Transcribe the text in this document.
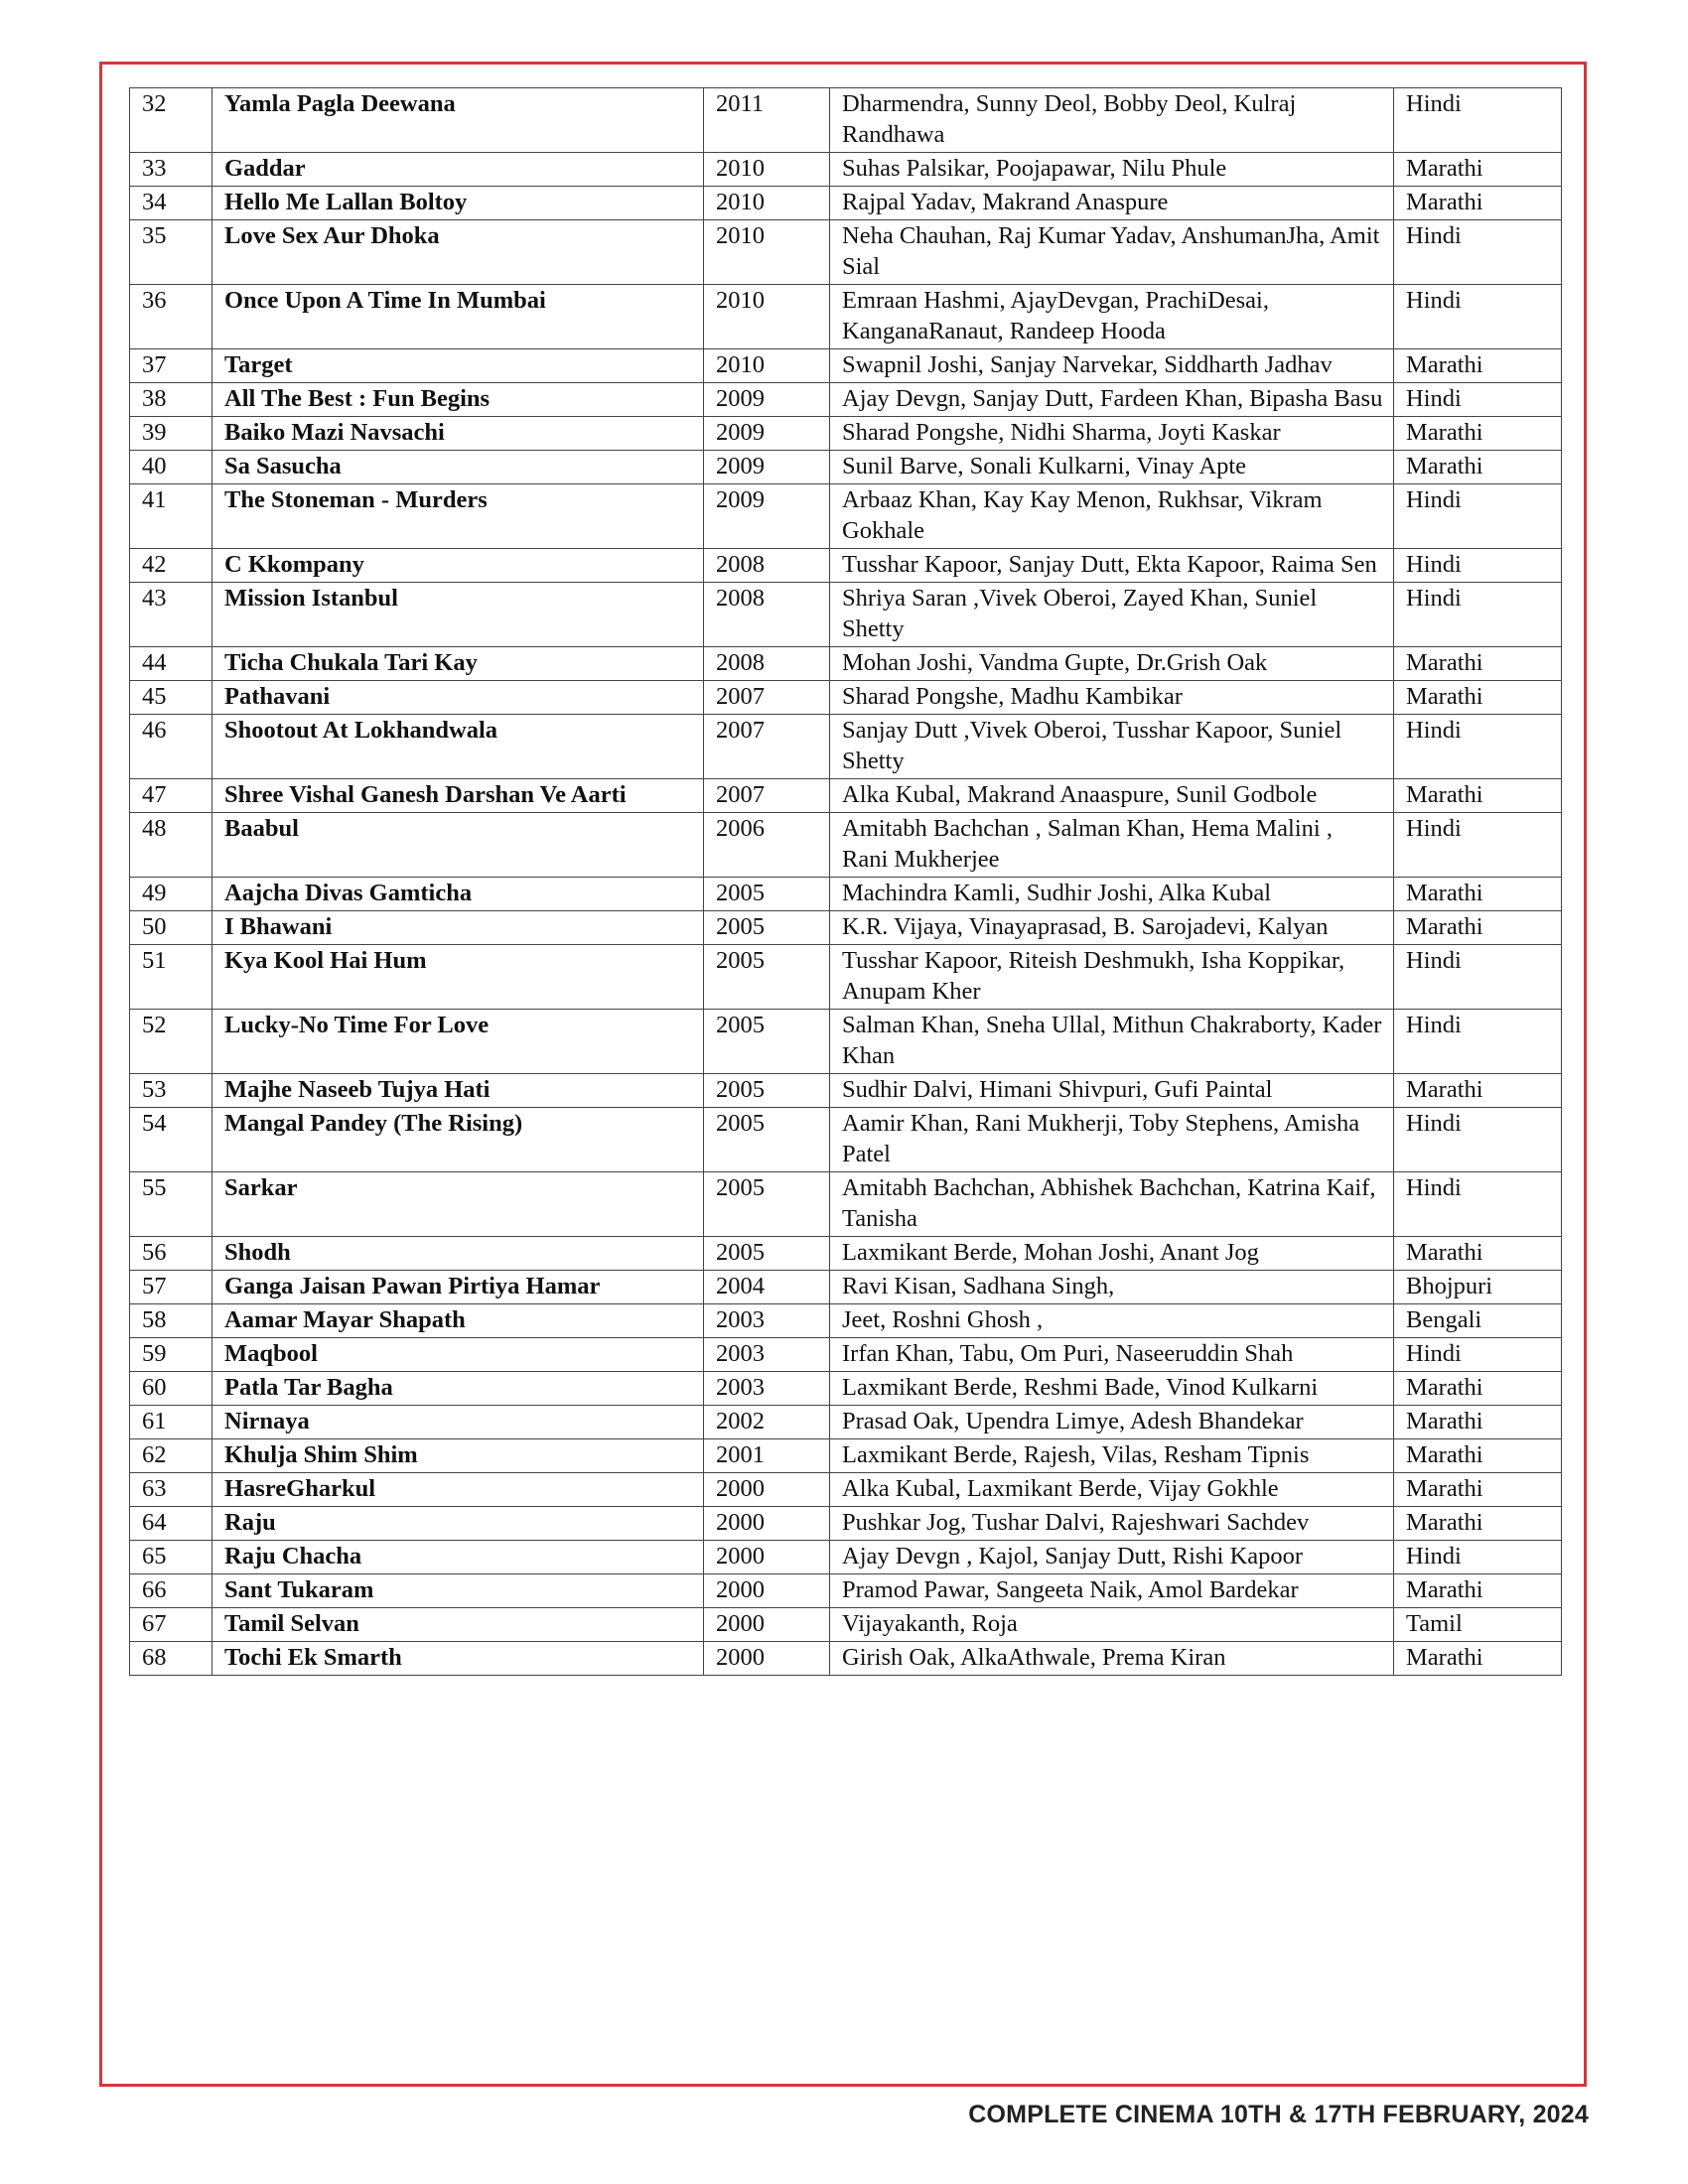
32	Yamla Pagla Deewana	2011	Dharmendra, Sunny Deol, Bobby Deol, Kulraj Randhawa	Hindi
33	Gaddar	2010	Suhas Palsikar, Poojapawar, Nilu Phule	Marathi
34	Hello Me Lallan Boltoy	2010	Rajpal Yadav, Makrand Anaspure	Marathi
35	Love Sex Aur Dhoka	2010	Neha Chauhan, Raj Kumar Yadav, AnshumanJha, Amit Sial	Hindi
36	Once Upon A Time In Mumbai	2010	Emraan Hashmi, AjayDevgan, PrachiDesai, KanganaRanaut, Randeep Hooda	Hindi
37	Target	2010	Swapnil Joshi, Sanjay Narvekar, Siddharth Jadhav	Marathi
38	All The Best : Fun Begins	2009	Ajay Devgn, Sanjay Dutt, Fardeen Khan, Bipasha Basu	Hindi
39	Baiko Mazi Navsachi	2009	Sharad Pongshe, Nidhi Sharma, Joyti Kaskar	Marathi
40	Sa Sasucha	2009	Sunil Barve, Sonali Kulkarni, Vinay Apte	Marathi
41	The Stoneman - Murders	2009	Arbaaz Khan, Kay Kay Menon, Rukhsar, Vikram Gokhale	Hindi
42	C Kkompany	2008	Tusshar Kapoor, Sanjay Dutt, Ekta Kapoor, Raima Sen	Hindi
43	Mission Istanbul	2008	Shriya Saran ,Vivek Oberoi, Zayed Khan, Suniel Shetty	Hindi
44	Ticha Chukala Tari Kay	2008	Mohan Joshi, Vandma Gupte, Dr.Grish Oak	Marathi
45	Pathavani	2007	Sharad Pongshe, Madhu Kambikar	Marathi
46	Shootout At Lokhandwala	2007	Sanjay Dutt ,Vivek Oberoi, Tusshar Kapoor, Suniel Shetty	Hindi
47	Shree Vishal Ganesh Darshan Ve Aarti	2007	Alka Kubal, Makrand Anaaspure, Sunil Godbole	Marathi
48	Baabul	2006	Amitabh Bachchan , Salman Khan, Hema Malini , Rani Mukherjee	Hindi
49	Aajcha Divas Gamticha	2005	Machindra Kamli, Sudhir Joshi, Alka Kubal	Marathi
50	I Bhawani	2005	K.R. Vijaya, Vinayaprasad, B. Sarojadevi, Kalyan	Marathi
51	Kya Kool Hai Hum	2005	Tusshar Kapoor, Riteish Deshmukh, Isha Koppikar, Anupam Kher	Hindi
52	Lucky-No Time For Love	2005	Salman Khan, Sneha Ullal, Mithun Chakraborty, Kader Khan	Hindi
53	Majhe Naseeb Tujya Hati	2005	Sudhir Dalvi, Himani Shivpuri, Gufi Paintal	Marathi
54	Mangal Pandey (The Rising)	2005	Aamir Khan, Rani Mukherji, Toby Stephens, Amisha Patel	Hindi
55	Sarkar	2005	Amitabh Bachchan, Abhishek Bachchan, Katrina Kaif, Tanisha	Hindi
56	Shodh	2005	Laxmikant Berde, Mohan Joshi, Anant Jog	Marathi
57	Ganga Jaisan Pawan Pirtiya Hamar	2004	Ravi Kisan, Sadhana Singh,	Bhojpuri
58	Aamar Mayar Shapath	2003	Jeet, Roshni Ghosh ,	Bengali
59	Maqbool	2003	Irfan Khan, Tabu, Om Puri, Naseeruddin Shah	Hindi
60	Patla Tar Bagha	2003	Laxmikant Berde, Reshmi Bade, Vinod Kulkarni	Marathi
61	Nirnaya	2002	Prasad Oak, Upendra Limye, Adesh Bhandekar	Marathi
62	Khulja Shim Shim	2001	Laxmikant Berde, Rajesh, Vilas, Resham Tipnis	Marathi
63	HasreGharkul	2000	Alka Kubal, Laxmikant Berde, Vijay Gokhle	Marathi
64	Raju	2000	Pushkar Jog, Tushar Dalvi, Rajeshwari Sachdev	Marathi
65	Raju Chacha	2000	Ajay Devgn , Kajol, Sanjay Dutt, Rishi Kapoor	Hindi
66	Sant Tukaram	2000	Pramod Pawar, Sangeeta Naik, Amol Bardekar	Marathi
67	Tamil Selvan	2000	Vijayakanth, Roja	Tamil
68	Tochi Ek Smarth	2000	Girish Oak, AlkaAthwale, Prema Kiran	Marathi
COMPLETE CINEMA 10TH & 17TH FEBRUARY, 2024
